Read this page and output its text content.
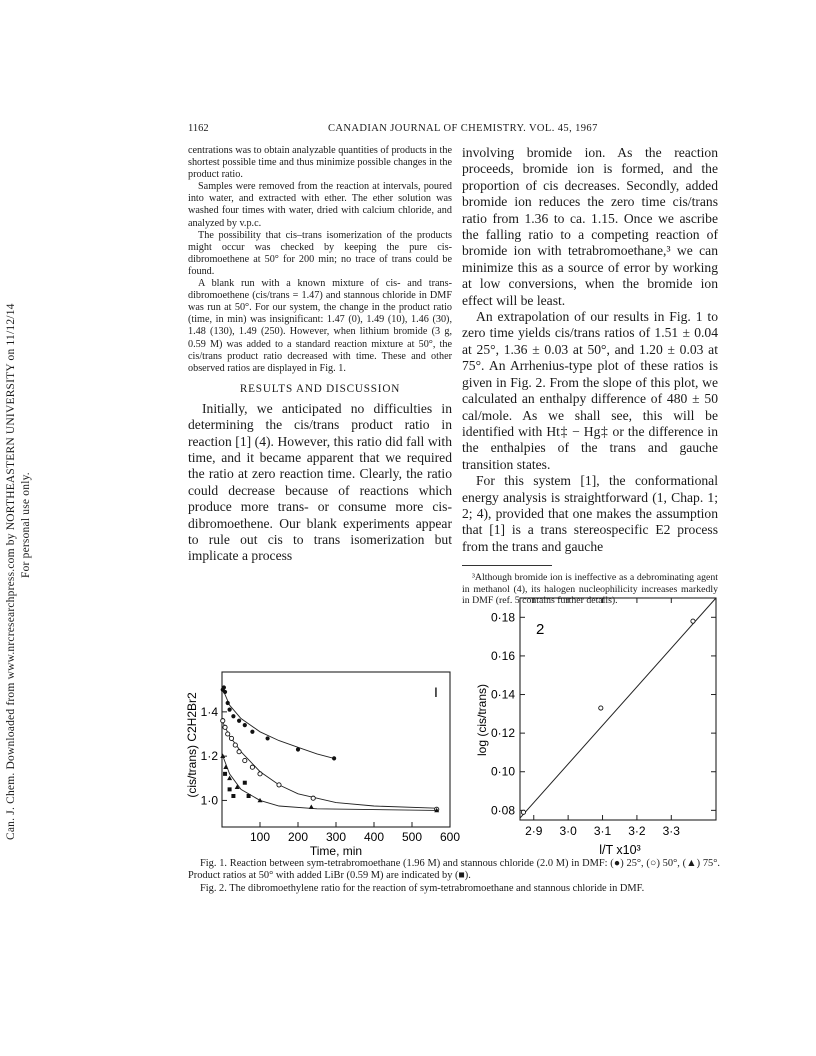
Can. J. Chem. Downloaded from www.nrcresearchpress.com by NORTHEASTERN UNIVERSITY on 11/12/14 For personal use only.
1162	CANADIAN JOURNAL OF CHEMISTRY. VOL. 45, 1967

centrations was to obtain analyzable quantities of products in the shortest possible time and thus minimize possible changes in the product ratio.

Samples were removed from the reaction at intervals, poured into water, and extracted with ether. The ether solution was washed four times with water, dried with calcium chloride, and analyzed by v.p.c.

The possibility that cis–trans isomerization of the products might occur was checked by keeping the pure cis-dibromoethene at 50° for 200 min; no trace of trans could be found.

A blank run with a known mixture of cis- and trans-dibromoethene (cis/trans = 1.47) and stannous chloride in DMF was run at 50°. For our system, the change in the product ratio (time, in min) was insignificant: 1.47 (0), 1.49 (10), 1.46 (30), 1.48 (130), 1.49 (250). However, when lithium bromide (3 g, 0.59 M) was added to a standard reaction mixture at 50°, the cis/trans product ratio decreased with time. These and other observed ratios are displayed in Fig. 1.

RESULTS AND DISCUSSION

Initially, we anticipated no difficulties in determining the cis/trans product ratio in reaction [1] (4). However, this ratio did fall with time, and it became apparent that we required the ratio at zero reaction time. Clearly, the ratio could decrease because of reactions which produce more trans- or consume more cis-dibromoethene. Our blank experiments appear to rule out cis to trans isomerization but implicate a process

involving bromide ion. As the reaction proceeds, bromide ion is formed, and the proportion of cis decreases. Secondly, added bromide ion reduces the zero time cis/trans ratio from 1.36 to ca. 1.15. Once we ascribe the falling ratio to a competing reaction of bromide ion with tetrabromoethane,³ we can minimize this as a source of error by working at low conversions, when the bromide ion effect will be least.

An extrapolation of our results in Fig. 1 to zero time yields cis/trans ratios of 1.51 ± 0.04 at 25°, 1.36 ± 0.03 at 50°, and 1.20 ± 0.03 at 75°. An Arrhenius-type plot of these ratios is given in Fig. 2. From the slope of this plot, we calculated an enthalpy difference of 480 ± 50 cal/mole. As we shall see, this will be identified with Ht‡ − Hg‡ or the difference in the enthalpies of the trans and gauche transition states.

For this system [1], the conformational energy analysis is straightforward (1, Chap. 1; 2; 4), provided that one makes the assumption that [1] is a trans stereospecific E2 process from the trans and gauche

³Although bromide ion is ineffective as a debrominating agent in methanol (4), its halogen nucleophilicity increases markedly in DMF (ref. 5 contains further details).

(cis/trans) C2H2Br2
I
Time, min
100 200 300 400 500 600
1·0
1·2
1·4	log (cis/trans)
2
l/T x10³
2·9 3·0 3·1 3·2 3·3
0·08
0·10
0·12
0·14
0·16
0·18

Fig. 1. Reaction between sym-tetrabromoethane (1.96 M) and stannous chloride (2.0 M) in DMF: (●) 25°, (○) 50°, (▲) 75°. Product ratios at 50° with added LiBr (0.59 M) are indicated by (■).

Fig. 2. The dibromoethylene ratio for the reaction of sym-tetrabromoethane and stannous chloride in DMF.
